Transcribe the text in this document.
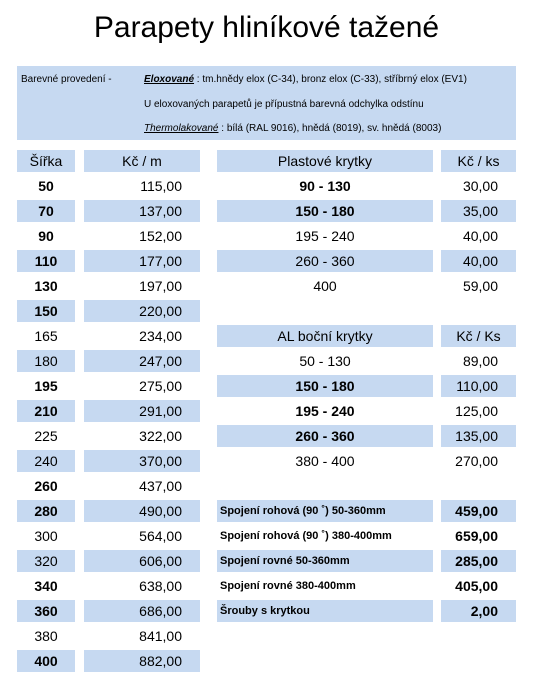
Parapety hliníkové tažené
Barevné provedení -	Eloxované : tm.hnědy elox (C-34), bronz elox (C-33), stříbrný elox (EV1)
U eloxovaných parapetů je přípustná barevná odchylka odstínu
Thermolakované : bílá (RAL 9016), hnědá (8019), sv. hnědá (8003)
Šířka	Kč / m
50	115,00
70	137,00
90	152,00
110	177,00
130	197,00
150	220,00
165	234,00
180	247,00
195	275,00
210	291,00
225	322,00
240	370,00
260	437,00
280	490,00
300	564,00
320	606,00
340	638,00
360	686,00
380	841,00
400	882,00
Plastové krytky	Kč / ks
90 - 130	30,00
150 - 180	35,00
195 - 240	40,00
260 - 360	40,00
400	59,00
AL boční krytky	Kč / Ks
50 - 130	89,00
150 - 180	110,00
195 - 240	125,00
260 - 360	135,00
380 - 400	270,00
Spojení rohová (90 ˚) 50-360mm	459,00
Spojení rohová (90 ˚) 380-400mm	659,00
Spojení rovné 50-360mm	285,00
Spojení rovné 380-400mm	405,00
Šrouby s krytkou	2,00
